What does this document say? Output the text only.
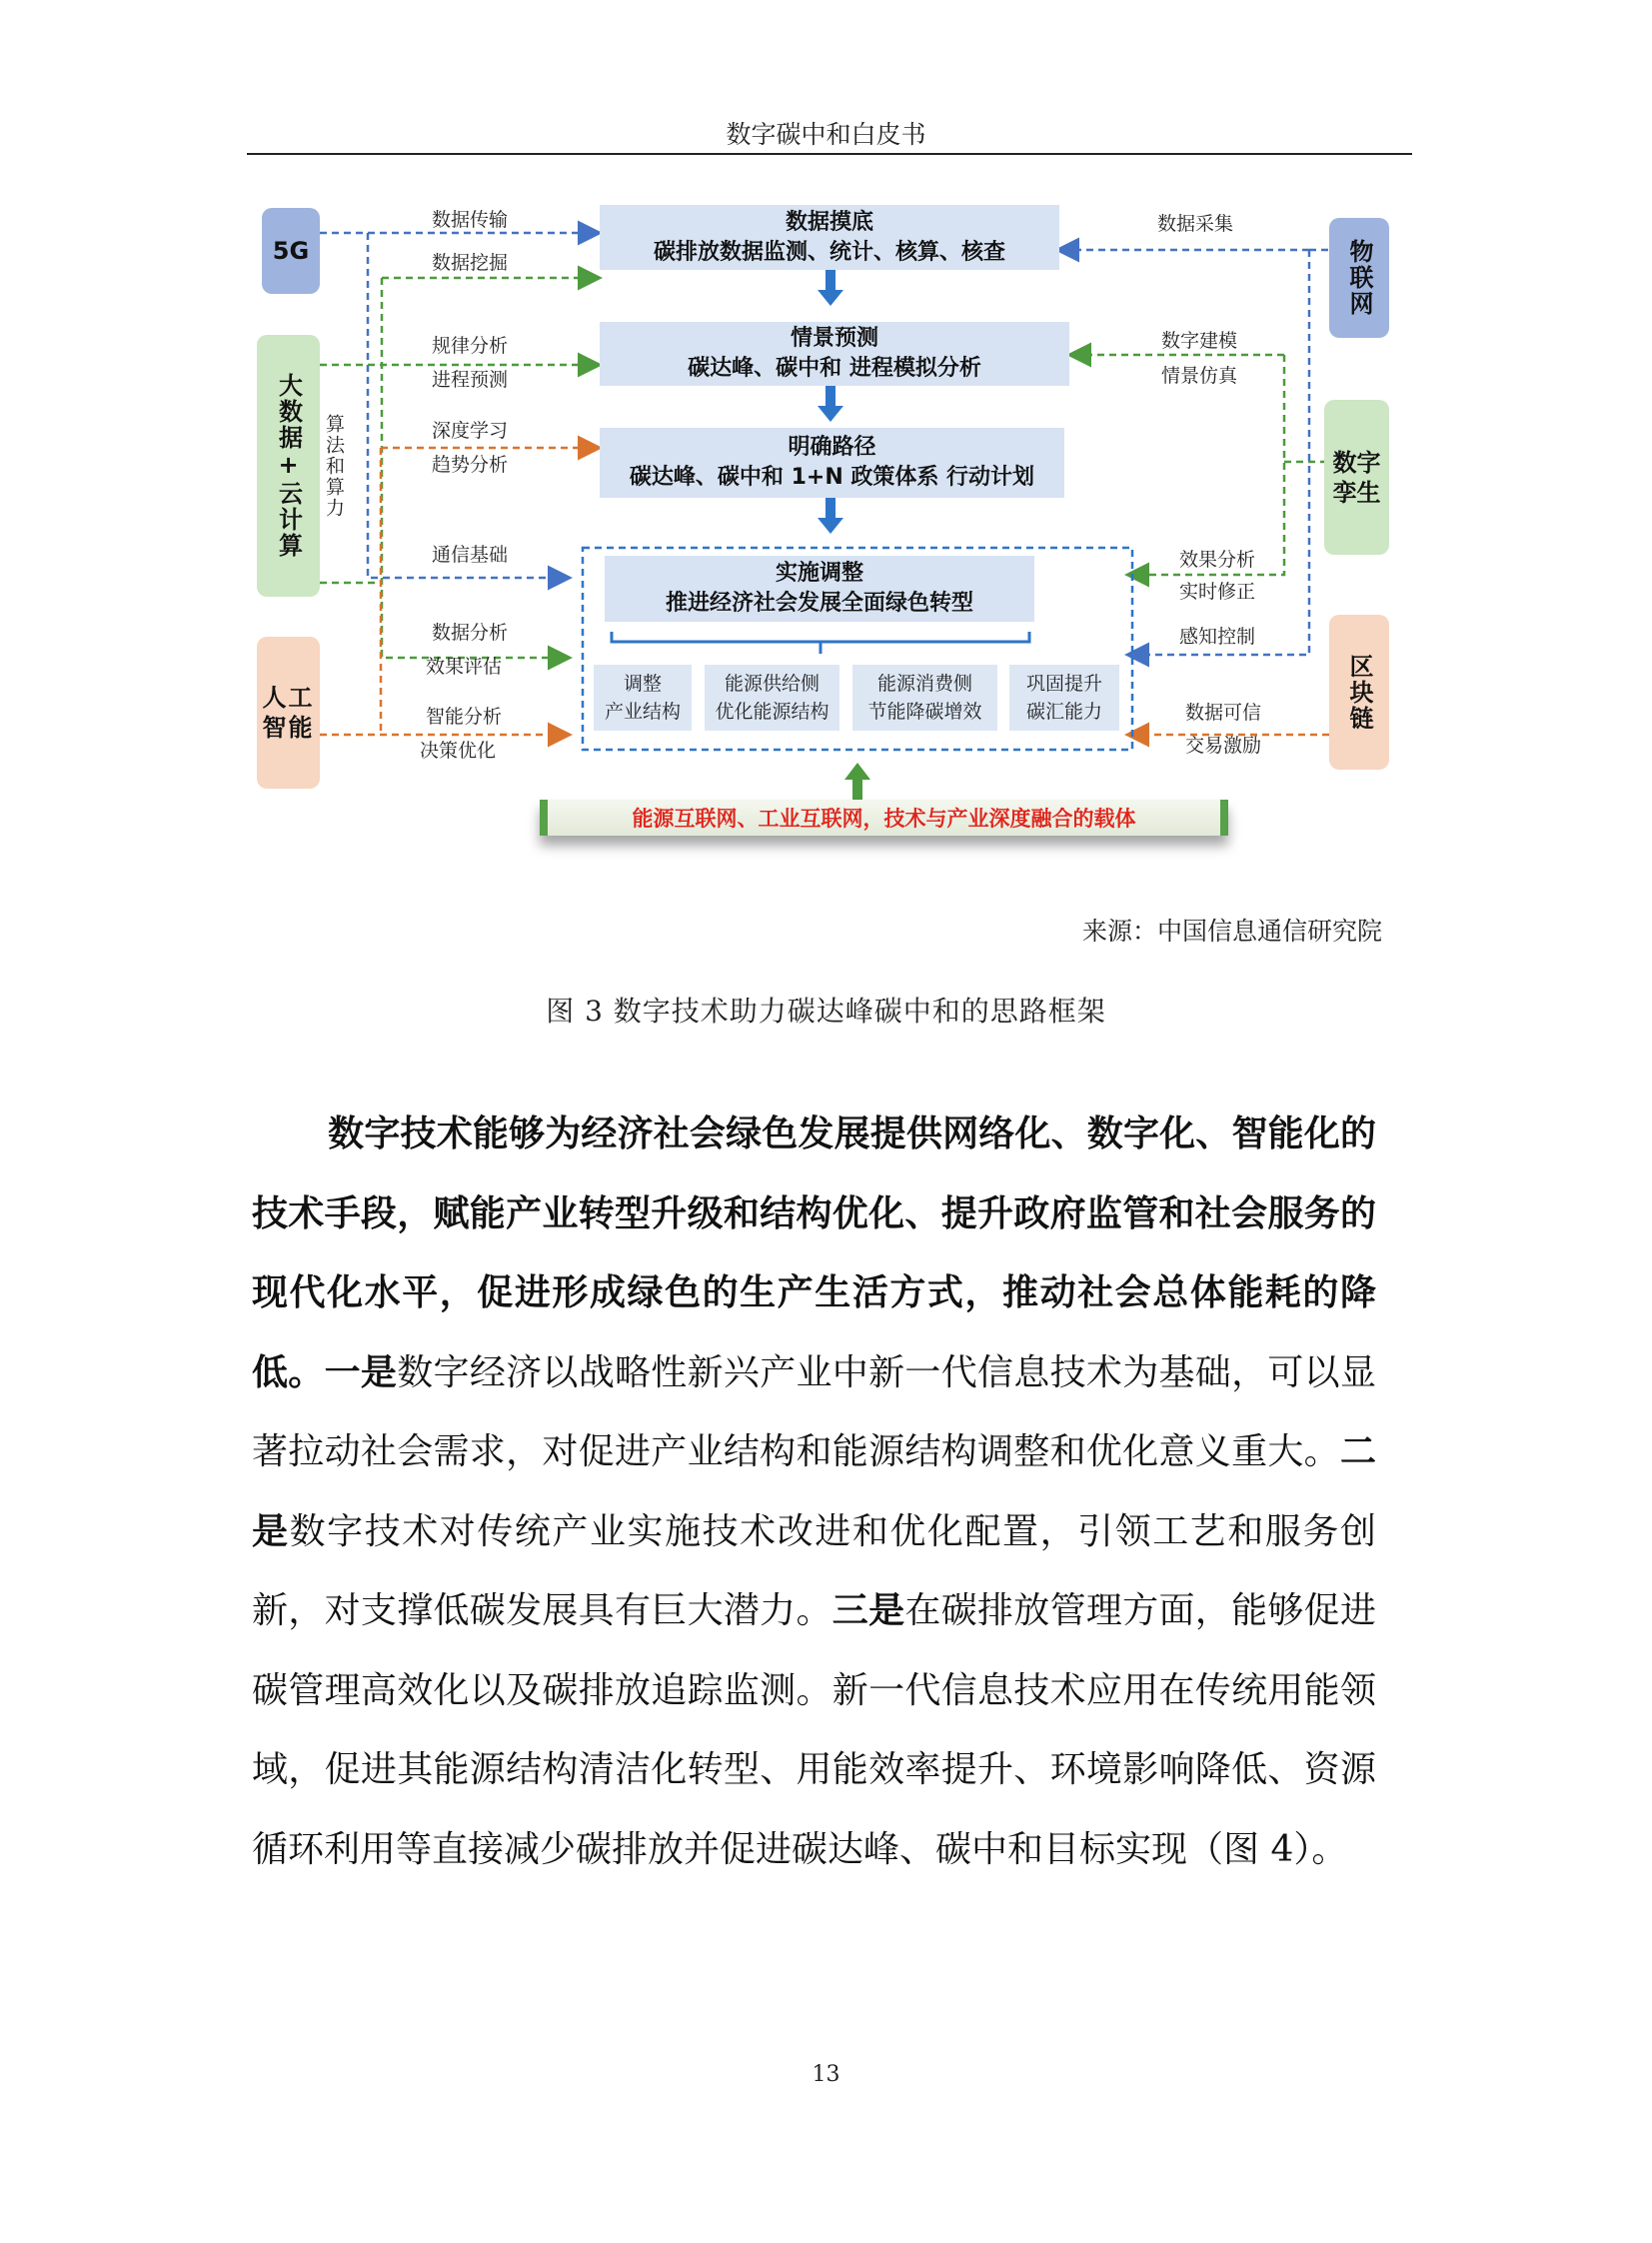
数字碳中和白皮书
5G
大数据+云计算
人工智能
算法和算力
物联网
数字孪生
区块链
数据摸底
碳排放数据监测、统计、核算、核查
情景预测
碳达峰、碳中和 进程模拟分析
明确路径
碳达峰、碳中和 1+N 政策体系 行动计划
实施调整
推进经济社会发展全面绿色转型
调整
产业结构
能源供给侧
优化能源结构
能源消费侧
节能降碳增效
巩固提升
碳汇能力
数据传输
数据挖掘
规律分析
进程预测
深度学习
趋势分析
通信基础
数据分析
效果评估
智能分析
决策优化
数据采集
数字建模
情景仿真
效果分析
实时修正
感知控制
数据可信
交易激励
能源互联网、工业互联网，技术与产业深度融合的载体
来源：中国信息通信研究院
图 3 数字技术助力碳达峰碳中和的思路框架
数字技术能够为经济社会绿色发展提供网络化、数字化、智能化的技术手段，赋能产业转型升级和结构优化、提升政府监管和社会服务的现代化水平，促进形成绿色的生产生活方式，推动社会总体能耗的降低。一是数字经济以战略性新兴产业中新一代信息技术为基础，可以显著拉动社会需求，对促进产业结构和能源结构调整和优化意义重大。二是数字技术对传统产业实施技术改进和优化配置，引领工艺和服务创新，对支撑低碳发展具有巨大潜力。三是在碳排放管理方面，能够促进碳管理高效化以及碳排放追踪监测。新一代信息技术应用在传统用能领域，促进其能源结构清洁化转型、用能效率提升、环境影响降低、资源循环利用等直接减少碳排放并促进碳达峰、碳中和目标实现（图 4）。
13
